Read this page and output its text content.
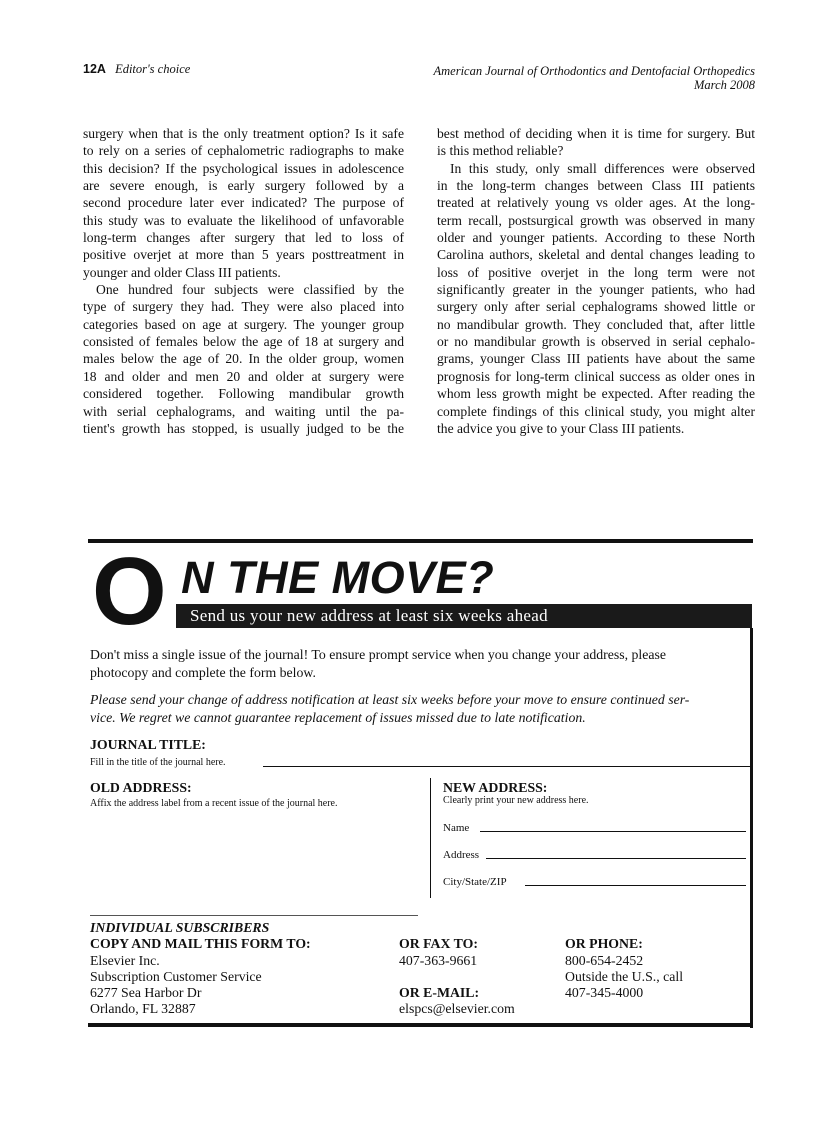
12A Editor's choice	American Journal of Orthodontics and Dentofacial Orthopedics
March 2008
surgery when that is the only treatment option? Is it safe
to rely on a series of cephalometric radiographs to make
this decision? If the psychological issues in adolescence
are severe enough, is early surgery followed by a
second procedure later ever indicated? The purpose of
this study was to evaluate the likelihood of unfavorable
long-term changes after surgery that led to loss of
positive overjet at more than 5 years posttreatment in
younger and older Class III patients.
One hundred four subjects were classified by the
type of surgery they had. They were also placed into
categories based on age at surgery. The younger group
consisted of females below the age of 18 at surgery and
males below the age of 20. In the older group, women
18 and older and men 20 and older at surgery were
considered together. Following mandibular growth
with serial cephalograms, and waiting until the pa-
tient's growth has stopped, is usually judged to be the
best method of deciding when it is time for surgery. But
is this method reliable?
In this study, only small differences were observed
in the long-term changes between Class III patients
treated at relatively young vs older ages. At the long-
term recall, postsurgical growth was observed in many
older and younger patients. According to these North
Carolina authors, skeletal and dental changes leading to
loss of positive overjet in the long term were not
significantly greater in the younger patients, who had
surgery only after serial cephalograms showed little or
no mandibular growth. They concluded that, after little
or no mandibular growth is observed in serial cephalo-
grams, younger Class III patients have about the same
prognosis for long-term clinical success as older ones in
whom less growth might be expected. After reading the
complete findings of this clinical study, you might alter
the advice you give to your Class III patients.
ON THE MOVE?
Send us your new address at least six weeks ahead
Don't miss a single issue of the journal! To ensure prompt service when you change your address, please
photocopy and complete the form below.
Please send your change of address notification at least six weeks before your move to ensure continued ser-
vice. We regret we cannot guarantee replacement of issues missed due to late notification.
JOURNAL TITLE:
Fill in the title of the journal here.
OLD ADDRESS:
Affix the address label from a recent issue of the journal here.
NEW ADDRESS:
Clearly print your new address here.
Name
Address
City/State/ZIP
INDIVIDUAL SUBSCRIBERS
COPY AND MAIL THIS FORM TO:
Elsevier Inc.
Subscription Customer Service
6277 Sea Harbor Dr
Orlando, FL 32887
OR FAX TO:
407-363-9661
OR E-MAIL:
elspcs@elsevier.com
OR PHONE:
800-654-2452
Outside the U.S., call
407-345-4000
